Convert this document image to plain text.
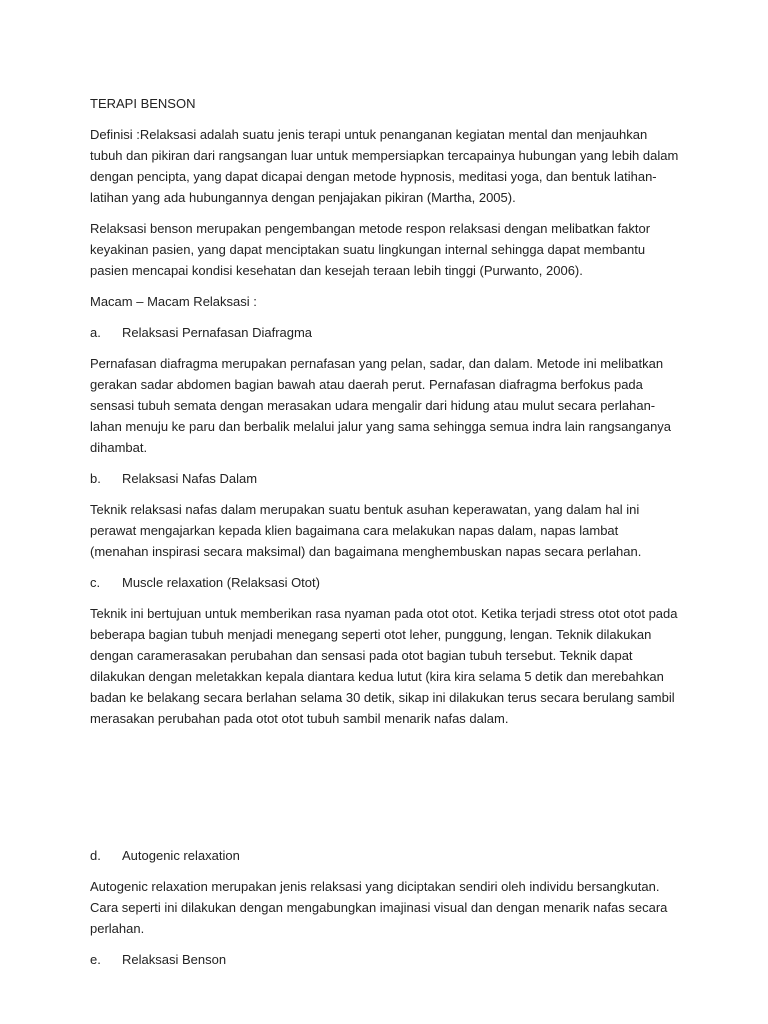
TERAPI BENSON

Definisi :Relaksasi adalah suatu jenis terapi untuk penanganan kegiatan mental dan menjauhkan tubuh dan pikiran dari rangsangan luar untuk mempersiapkan tercapainya hubungan yang lebih dalam dengan pencipta, yang dapat dicapai dengan metode hypnosis, meditasi yoga, dan bentuk latihan-latihan yang ada hubungannya dengan penjajakan pikiran (Martha, 2005).

Relaksasi benson merupakan pengembangan metode respon relaksasi dengan melibatkan faktor keyakinan pasien, yang dapat menciptakan suatu lingkungan internal sehingga dapat membantu pasien mencapai kondisi kesehatan dan kesejah teraan lebih tinggi (Purwanto, 2006).

Macam – Macam Relaksasi :

a.	Relaksasi Pernafasan Diafragma

Pernafasan diafragma merupakan pernafasan yang pelan, sadar, dan dalam. Metode ini melibatkan gerakan sadar abdomen bagian bawah atau daerah perut. Pernafasan diafragma berfokus pada sensasi tubuh semata dengan merasakan udara mengalir dari hidung atau mulut secara perlahan-lahan menuju ke paru dan berbalik melalui jalur yang sama sehingga semua indra lain rangsanganya dihambat.

b.	Relaksasi Nafas Dalam

Teknik relaksasi nafas dalam merupakan suatu bentuk asuhan keperawatan, yang dalam hal ini perawat mengajarkan kepada klien bagaimana cara melakukan napas dalam, napas lambat (menahan inspirasi secara maksimal) dan bagaimana menghembuskan napas secara perlahan.

c.	Muscle relaxation (Relaksasi Otot)

Teknik ini bertujuan untuk memberikan rasa nyaman pada otot otot. Ketika terjadi stress otot otot pada beberapa bagian tubuh menjadi menegang seperti otot leher, punggung, lengan. Teknik dilakukan dengan caramerasakan perubahan dan sensasi pada otot bagian tubuh tersebut. Teknik dapat dilakukan dengan meletakkan kepala diantara kedua lutut (kira kira selama 5 detik dan merebahkan badan ke belakang secara berlahan selama 30 detik, sikap ini dilakukan terus secara berulang sambil merasakan perubahan pada otot otot tubuh sambil menarik nafas dalam.

d.	Autogenic relaxation

Autogenic relaxation merupakan jenis relaksasi yang diciptakan sendiri oleh individu bersangkutan. Cara seperti ini dilakukan dengan mengabungkan imajinasi visual dan dengan menarik nafas secara perlahan.

e.	Relaksasi Benson
